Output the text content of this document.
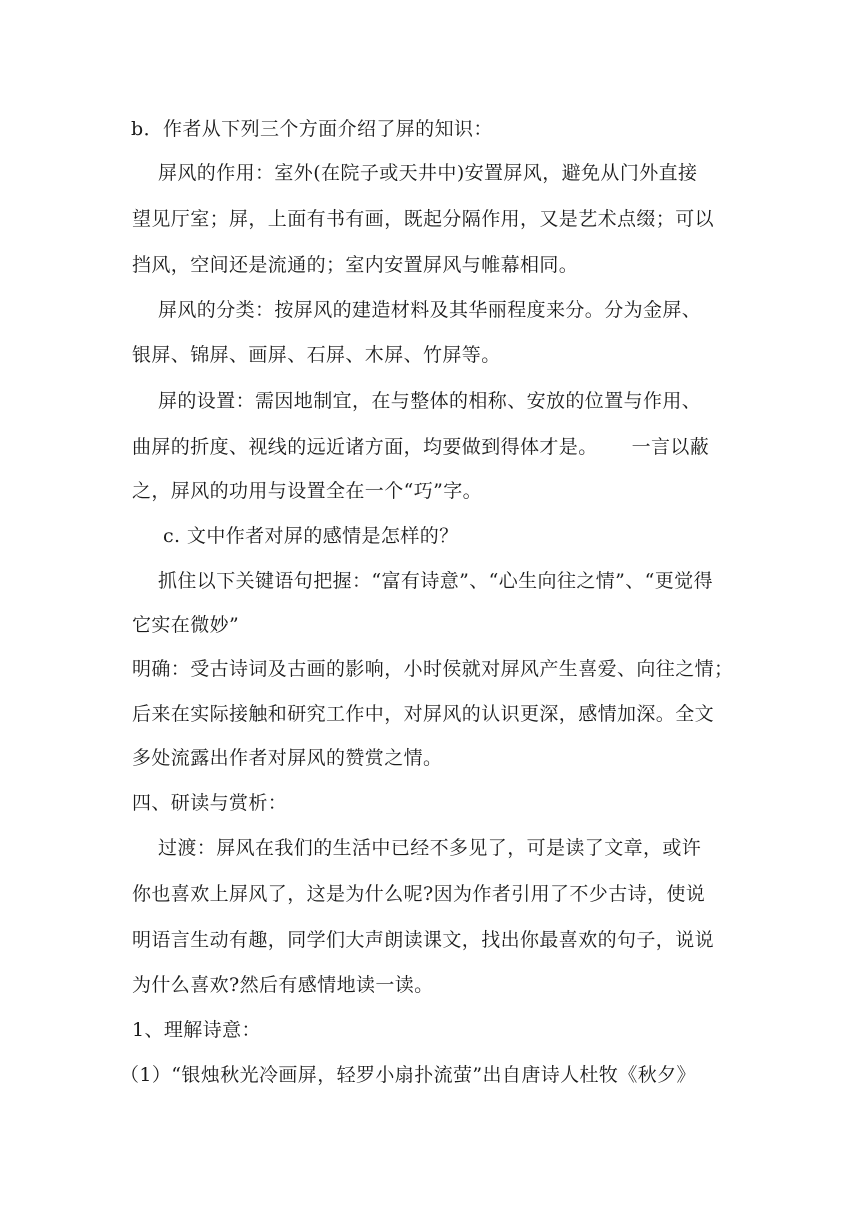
b．作者从下列三个方面介绍了屏的知识：
屏风的作用：室外(在院子或天井中)安置屏风，避免从门外直接
望见厅室；屏，上面有书有画，既起分隔作用，又是艺术点缀；可以
挡风，空间还是流通的；室内安置屏风与帷幕相同。
屏风的分类：按屏风的建造材料及其华丽程度来分。分为金屏、
银屏、锦屏、画屏、石屏、木屏、竹屏等。
屏的设置：需因地制宜，在与整体的相称、安放的位置与作用、
曲屏的折度、视线的远近诸方面，均要做到得体才是。 一言以蔽
之，屏风的功用与设置全在一个“巧”字。
c. 文中作者对屏的感情是怎样的？
抓住以下关键语句把握：“富有诗意”、“心生向往之情”、“更觉得
它实在微妙”
明确：受古诗词及古画的影响，小时侯就对屏风产生喜爱、向往之情；
后来在实际接触和研究工作中，对屏风的认识更深，感情加深。全文
多处流露出作者对屏风的赞赏之情。
四、研读与赏析：
过渡：屏风在我们的生活中已经不多见了，可是读了文章，或许
你也喜欢上屏风了，这是为什么呢?因为作者引用了不少古诗，使说
明语言生动有趣，同学们大声朗读课文，找出你最喜欢的句子，说说
为什么喜欢?然后有感情地读一读。
1、理解诗意：
（1）“银烛秋光冷画屏，轻罗小扇扑流萤”出自唐诗人杜牧《秋夕》
